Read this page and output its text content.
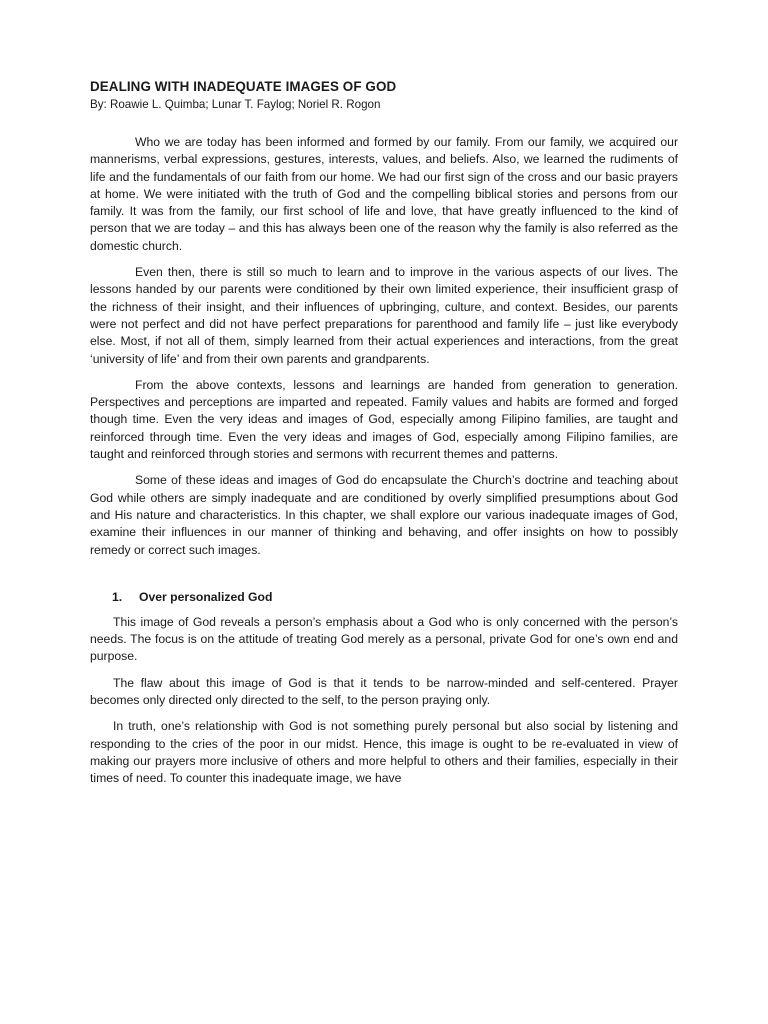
DEALING WITH INADEQUATE IMAGES OF GOD
By: Roawie L. Quimba; Lunar T. Faylog; Noriel R. Rogon

Who we are today has been informed and formed by our family. From our family, we acquired our mannerisms, verbal expressions, gestures, interests, values, and beliefs. Also, we learned the rudiments of life and the fundamentals of our faith from our home. We had our first sign of the cross and our basic prayers at home. We were initiated with the truth of God and the compelling biblical stories and persons from our family. It was from the family, our first school of life and love, that have greatly influenced to the kind of person that we are today – and this has always been one of the reason why the family is also referred as the domestic church.

Even then, there is still so much to learn and to improve in the various aspects of our lives. The lessons handed by our parents were conditioned by their own limited experience, their insufficient grasp of the richness of their insight, and their influences of upbringing, culture, and context. Besides, our parents were not perfect and did not have perfect preparations for parenthood and family life – just like everybody else. Most, if not all of them, simply learned from their actual experiences and interactions, from the great ‘university of life’ and from their own parents and grandparents.

From the above contexts, lessons and learnings are handed from generation to generation. Perspectives and perceptions are imparted and repeated. Family values and habits are formed and forged though time. Even the very ideas and images of God, especially among Filipino families, are taught and reinforced through time. Even the very ideas and images of God, especially among Filipino families, are taught and reinforced through stories and sermons with recurrent themes and patterns.

Some of these ideas and images of God do encapsulate the Church’s doctrine and teaching about God while others are simply inadequate and are conditioned by overly simplified presumptions about God and His nature and characteristics. In this chapter, we shall explore our various inadequate images of God, examine their influences in our manner of thinking and behaving, and offer insights on how to possibly remedy or correct such images.

1.	Over personalized God

This image of God reveals a person’s emphasis about a God who is only concerned with the person’s needs. The focus is on the attitude of treating God merely as a personal, private God for one’s own end and purpose.

The flaw about this image of God is that it tends to be narrow-minded and self-centered. Prayer becomes only directed only directed to the self, to the person praying only.

In truth, one’s relationship with God is not something purely personal but also social by listening and responding to the cries of the poor in our midst. Hence, this image is ought to be re-evaluated in view of making our prayers more inclusive of others and more helpful to others and their families, especially in their times of need. To counter this inadequate image, we have
